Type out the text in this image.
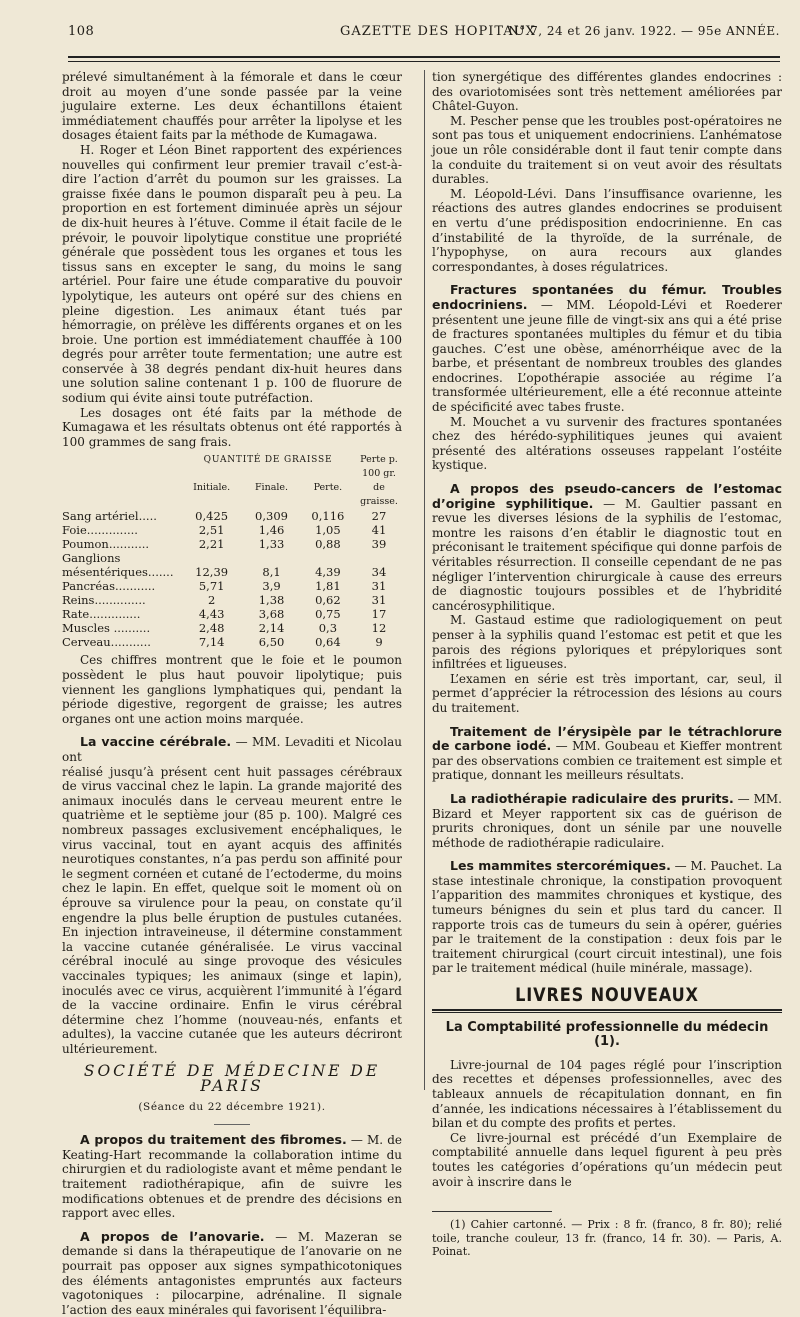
108	GAZETTE DES HOPITAUX
N° 7, 24 et 26 janv. 1922. — 95e ANNÉE.

prélevé simultanément à la fémorale et dans le cœur droit au moyen d’une sonde passée par la veine jugulaire externe. Les deux échantillons étaient immédiatement chauffés pour arrêter la lipolyse et les dosages étaient faits par la méthode de Kumagawa.

H. Roger et Léon Binet rapportent des expériences nouvelles qui confirment leur premier travail c’est-à-dire l’action d’arrêt du poumon sur les graisses. La graisse fixée dans le poumon disparaît peu à peu. La proportion en est fortement diminuée après un séjour de dix-huit heures à l’étuve. Comme il était facile de le prévoir, le pouvoir lipolytique constitue une propriété générale que possèdent tous les organes et tous les tissus sans en excepter le sang, du moins le sang artériel. Pour faire une étude comparative du pouvoir lypolytique, les auteurs ont opéré sur des chiens en pleine digestion. Les animaux étant tués par hémorragie, on prélève les différents organes et on les broie. Une portion est immédiatement chauffée à 100 degrés pour arrêter toute fermentation; une autre est conservée à 38 degrés pendant dix-huit heures dans une solution saline contenant 1 p. 100 de fluorure de sodium qui évite ainsi toute putréfaction.

Les dosages ont été faits par la méthode de Kumagawa et les résultats obtenus ont été rapportés à 100 grammes de sang frais.

	QUANTITÉ DE GRAISSE			Perte p. 100 gr. de graisse.
	Initiale.	Finale.	Perte.	
Sang artériel.....	0,425	0,309	0,116	27
Foie..............	2,51	1,46	1,05	41
Poumon...........	2,21	1,33	0,88	39
Ganglions mésentériques.......	12,39	8,1	4,39	34
Pancréas...........	5,71	3,9	1,81	31
Reins..............	2	1,38	0,62	31
Rate..............	4,43	3,68	0,75	17
Muscles ..........	2,48	2,14	0,3	12
Cerveau...........	7,14	6,50	0,64	9

Ces chiffres montrent que le foie et le poumon possèdent le plus haut pouvoir lipolytique; puis viennent les ganglions lymphatiques qui, pendant la période digestive, regorgent de graisse; les autres organes ont une action moins marquée.

La vaccine cérébrale. — MM. Levaditi et Nicolau ont

réalisé jusqu’à présent cent huit passages cérébraux de virus vaccinal chez le lapin. La grande majorité des animaux inoculés dans le cerveau meurent entre le quatrième et le septième jour (85 p. 100). Malgré ces nombreux passages exclusivement encéphaliques, le virus vaccinal, tout en ayant acquis des affinités neurotiques constantes, n’a pas perdu son affinité pour le segment cornéen et cutané de l’ectoderme, du moins chez le lapin. En effet, quelque soit le moment où on éprouve sa virulence pour la peau, on constate qu’il engendre la plus belle éruption de pustules cutanées. En injection intraveineuse, il détermine constamment la vaccine cutanée généralisée. Le virus vaccinal cérébral inoculé au singe provoque des vésicules vaccinales typiques; les animaux (singe et lapin), inoculés avec ce virus, acquièrent l’immunité à l’égard de la vaccine ordinaire. Enfin le virus cérébral détermine chez l’homme (nouveau-nés, enfants et adultes), la vaccine cutanée que les auteurs décriront ultérieurement.

SOCIÉTÉ DE MÉDECINE DE PARIS
(Séance du 22 décembre 1921).

A propos du traitement des fibromes. — M. de Keating-Hart recommande la collaboration intime du chirurgien et du radiologiste avant et même pendant le traitement radiothérapique, afin de suivre les modifications obtenues et de prendre des décisions en rapport avec elles.

A propos de l’anovarie. — M. Mazeran se demande si dans la thérapeutique de l’anovarie on ne pourrait pas opposer aux signes sympathicotoniques des éléments antagonistes empruntés aux facteurs vagotoniques : pilocarpine, adrénaline. Il signale l’action des eaux minérales qui favorisent l’équilibra-

tion synergétique des différentes glandes endocrines : des ovariotomisées sont très nettement améliorées par Châtel-Guyon.

M. Pescher pense que les troubles post-opératoires ne sont pas tous et uniquement endocriniens. L’anhématose joue un rôle considérable dont il faut tenir compte dans la conduite du traitement si on veut avoir des résultats durables.

M. Léopold-Lévi. Dans l’insuffisance ovarienne, les réactions des autres glandes endocrines se produisent en vertu d’une prédisposition endocrinienne. En cas d’instabilité de la thyroïde, de la surrénale, de l’hypophyse, on aura recours aux glandes correspondantes, à doses régulatrices.

Fractures spontanées du fémur. Troubles endocriniens. — MM. Léopold-Lévi et Roederer présentent une jeune fille de vingt-six ans qui a été prise de fractures spontanées multiples du fémur et du tibia gauches. C’est une obèse, aménorrhéique avec de la barbe, et présentant de nombreux troubles des glandes endocrines. L’opothérapie associée au régime l’a transformée ultérieurement, elle a été reconnue atteinte de spécificité avec tabes fruste.

M. Mouchet a vu survenir des fractures spontanées chez des hérédo-syphilitiques jeunes qui avaient présenté des altérations osseuses rappelant l’ostéite kystique.

A propos des pseudo-cancers de l’estomac d’origine syphilitique. — M. Gaultier passant en revue les diverses lésions de la syphilis de l’estomac, montre les raisons d’en établir le diagnostic tout en préconisant le traitement spécifique qui donne parfois de véritables résurrection. Il conseille cependant de ne pas négliger l’intervention chirurgicale à cause des erreurs de diagnostic toujours possibles et de l’hybridité cancérosyphilitique.

M. Gastaud estime que radiologiquement on peut penser à la syphilis quand l’estomac est petit et que les parois des régions pyloriques et prépyloriques sont infiltrées et ligueuses.

L’examen en série est très important, car, seul, il permet d’apprécier la rétrocession des lésions au cours du traitement.

Traitement de l’érysipèle par le tétrachlorure de carbone iodé. — MM. Goubeau et Kieffer montrent par des observations combien ce traitement est simple et pratique, donnant les meilleurs résultats.

La radiothérapie radiculaire des prurits. — MM. Bizard et Meyer rapportent six cas de guérison de prurits chroniques, dont un sénile par une nouvelle méthode de radiothérapie radiculaire.

Les mammites stercorémiques. — M. Pauchet. La stase intestinale chronique, la constipation provoquent l’apparition des mammites chroniques et kystique, des tumeurs bénignes du sein et plus tard du cancer. Il rapporte trois cas de tumeurs du sein à opérer, guéries par le traitement de la constipation : deux fois par le traitement chirurgical (court circuit intestinal), une fois par le traitement médical (huile minérale, massage).

LIVRES NOUVEAUX
La Comptabilité professionnelle du médecin (1).

Livre-journal de 104 pages réglé pour l’inscription des recettes et dépenses professionnelles, avec des tableaux annuels de récapitulation donnant, en fin d’année, les indications nécessaires à l’établissement du bilan et du compte des profits et pertes.

Ce livre-journal est précédé d’un Exemplaire de comptabilité annuelle dans lequel figurent à peu près toutes les catégories d’opérations qu’un médecin peut avoir à inscrire dans le

(1) Cahier cartonné. — Prix : 8 fr. (franco, 8 fr. 80); relié toile, tranche couleur, 13 fr. (franco, 14 fr. 30). — Paris, A. Poinat.
